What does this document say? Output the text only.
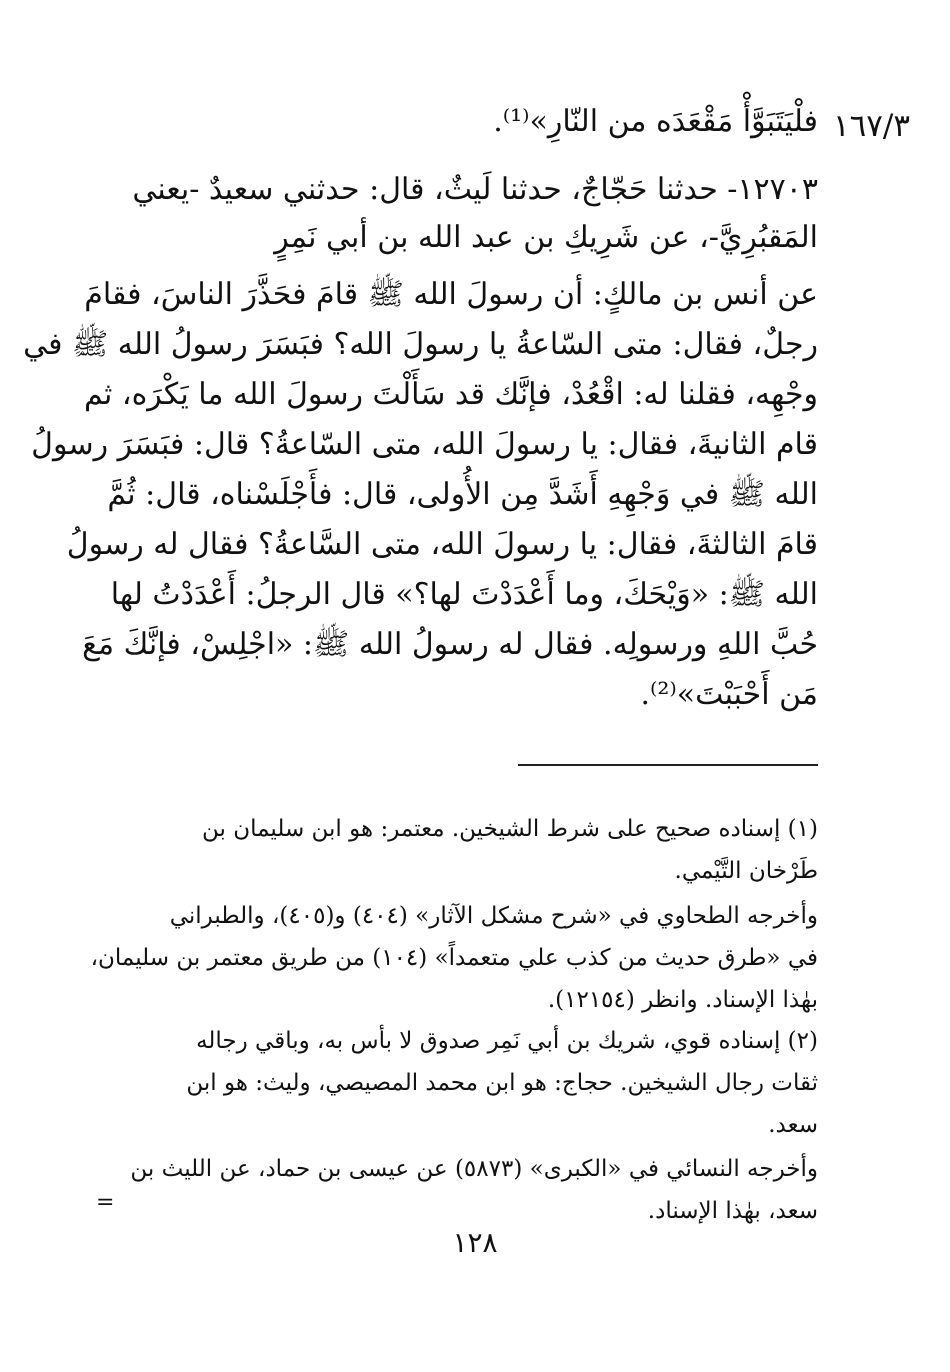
١٦٧/٣
فلْيَتَبَوَّأْ مَقْعَدَه من النّارِ»⁽¹⁾.
١٢٧٠٣- حدثنا حَجّاجٌ، حدثنا لَيثٌ، قال: حدثني سعيدٌ -يعني
المَقبُرِيَّ-، عن شَرِيكِ بن عبد الله بن أبي نَمِرٍ
عن أنس بن مالكٍ: أن رسولَ الله ﷺ قامَ فحَذَّرَ الناسَ، فقامَ
رجلٌ، فقال: متى السّاعةُ يا رسولَ الله؟ فبَسَرَ رسولُ الله ﷺ في
وجْهِه، فقلنا له: اقْعُدْ، فإنَّك قد سَأَلْتَ رسولَ الله ما يَكْرَه، ثم
قام الثانيةَ، فقال: يا رسولَ الله، متى السّاعةُ؟ قال: فبَسَرَ رسولُ
الله ﷺ في وَجْهِهِ أَشَدَّ مِن الأُولى، قال: فأَجْلَسْناه، قال: ثُمَّ
قامَ الثالثةَ، فقال: يا رسولَ الله، متى السَّاعةُ؟ فقال له رسولُ
الله ﷺ: «وَيْحَكَ، وما أَعْدَدْتَ لها؟» قال الرجلُ: أَعْدَدْتُ لها
حُبَّ اللهِ ورسولِه. فقال له رسولُ الله ﷺ: «اجْلِسْ، فإنَّكَ مَعَ
مَن أَحْبَبْتَ»⁽²⁾.
(١) إسناده صحيح على شرط الشيخين. معتمر: هو ابن سليمان بن
طَرْخان التَّيْمي.
وأخرجه الطحاوي في «شرح مشكل الآثار» (٤٠٤) و(٤٠٥)، والطبراني
في «طرق حديث من كذب علي متعمداً» (١٠٤) من طريق معتمر بن سليمان،
بهٰذا الإسناد. وانظر (١٢١٥٤).
(٢) إسناده قوي، شريك بن أبي نَمِر صدوق لا بأس به، وباقي رجاله
ثقات رجال الشيخين. حجاج: هو ابن محمد المصيصي، وليث: هو ابن
سعد.
وأخرجه النسائي في «الكبرى» (٥٨٧٣) عن عيسى بن حماد، عن الليث بن
سعد، بهٰذا الإسناد.
=
١٢٨
